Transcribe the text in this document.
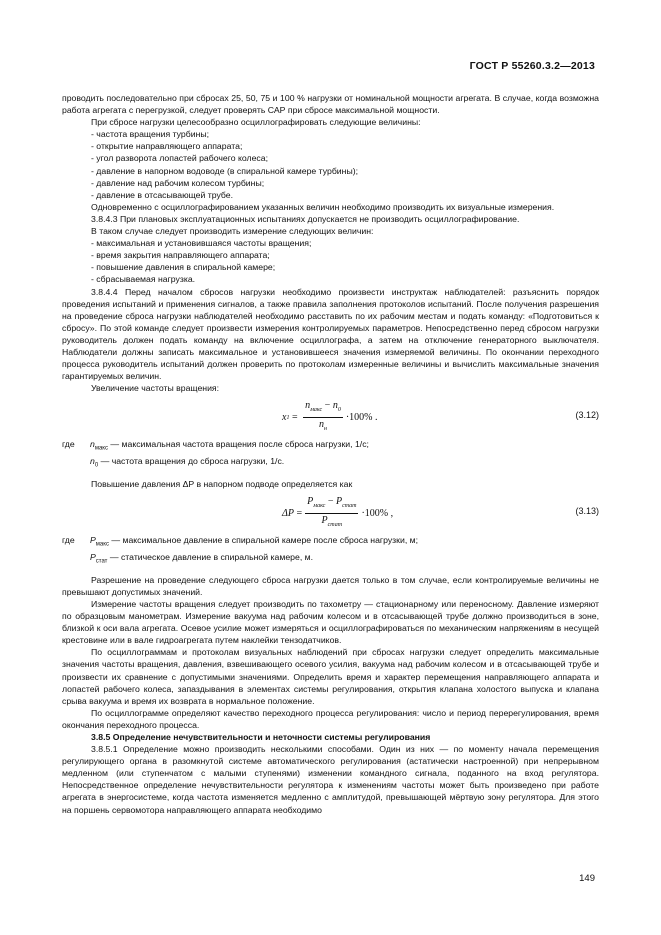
ГОСТ Р 55260.3.2—2013

проводить последовательно при сбросах 25, 50, 75 и 100 % нагрузки от номинальной мощности агрегата. В случае, когда возможна работа агрегата с перегрузкой, следует проверять САР при сбросе максимальной мощности.

При сбросе нагрузки целесообразно осциллографировать следующие величины:

- частота вращения турбины;

- открытие направляющего аппарата;

- угол разворота лопастей рабочего колеса;

- давление в напорном водоводе (в спиральной камере турбины);

- давление над рабочим колесом турбины;

- давление в отсасывающей трубе.

Одновременно с осциллографированием указанных величин необходимо производить их визуальные измерения.

3.8.4.3 При плановых эксплуатационных испытаниях допускается не производить осциллографирование.

В таком случае следует производить измерение следующих величин:

- максимальная и установившаяся частоты вращения;

- время закрытия направляющего аппарата;

- повышение давления в спиральной камере;

- сбрасываемая нагрузка.

3.8.4.4 Перед началом сбросов нагрузки необходимо произвести инструктаж наблюдателей: разъяснить порядок проведения испытаний и применения сигналов, а также правила заполнения протоколов испытаний. После получения разрешения на проведение сброса нагрузки наблюдателей необходимо расставить по их рабочим местам и подать команду: «Подготовиться к сбросу». По этой команде следует произвести измерения контролируемых параметров. Непосредственно перед сбросом нагрузки руководитель должен подать команду на включение осциллографа, а затем на отключение генераторного выключателя. Наблюдатели должны записать максимальное и установившееся значения измеряемой величины. По окончании переходного процесса руководитель испытаний должен проверить по протоколам измеренные величины и вычислить максимальные значения гарантируемых величин.

Увеличение частоты вращения:

x $1 = \frac{n_{макс} - n_0}{n_н} \cdot 100\%$ .	(3.12)
где	$n_{макс}$ — максимальная частота вращения после сброса нагрузки, 1/c;

$n_0$ — частота вращения до сброса нагрузки, 1/c.

Повышение давления ΔP в напорном подводе определяется как

ΔP
= $\frac{P_{макс} - P_{стат}}{P_{стат}} \cdot 100\%$ ,	(3.13)
где	$P_{макс}$ — максимальное давление в спиральной камере после сброса нагрузки, м;

$P_{стат}$ — статическое давление в спиральной камере, м.

Разрешение на проведение следующего сброса нагрузки дается только в том случае, если контролируемые величины не превышают допустимых значений.

Измерение частоты вращения следует производить по тахометру — стационарному или переносному. Давление измеряют по образцовым манометрам. Измерение вакуума над рабочим колесом и в отсасывающей трубе должно производиться в зоне, близкой к оси вала агрегата. Осевое усилие может измеряться и осциллографироваться по механическим напряжениям в несущей крестовине или в вале гидроагрегата путем наклейки тензодатчиков.

По осциллограммам и протоколам визуальных наблюдений при сбросах нагрузки следует определить максимальные значения частоты вращения, давления, взвешивающего осевого усилия, вакуума над рабочим колесом и в отсасывающей трубе и произвести их сравнение с допустимыми значениями. Определить время и характер перемещения направляющего аппарата и лопастей рабочего колеса, запаздывания в элементах системы регулирования, открытия клапана холостого выпуска и клапана срыва вакуума и время их возврата в нормальное положение.

По осциллограмме определяют качество переходного процесса регулирования: число и период перерегулирования, время окончания переходного процесса.

3.8.5 Определение нечувствительности и неточности системы регулирования

3.8.5.1 Определение можно производить несколькими способами. Один из них — по моменту начала перемещения регулирующего органа в разомкнутой системе автоматического регулирования (астатически настроенной) при непрерывном медленном (или ступенчатом с малыми ступенями) изменении командного сигнала, поданного на вход регулятора. Непосредственное определение нечувствительности регулятора к изменениям частоты может быть произведено при работе агрегата в энергосистеме, когда частота изменяется медленно с амплитудой, превышающей мёртвую зону регулятора. Для этого на поршень сервомотора направляющего аппарата необходимо

149
